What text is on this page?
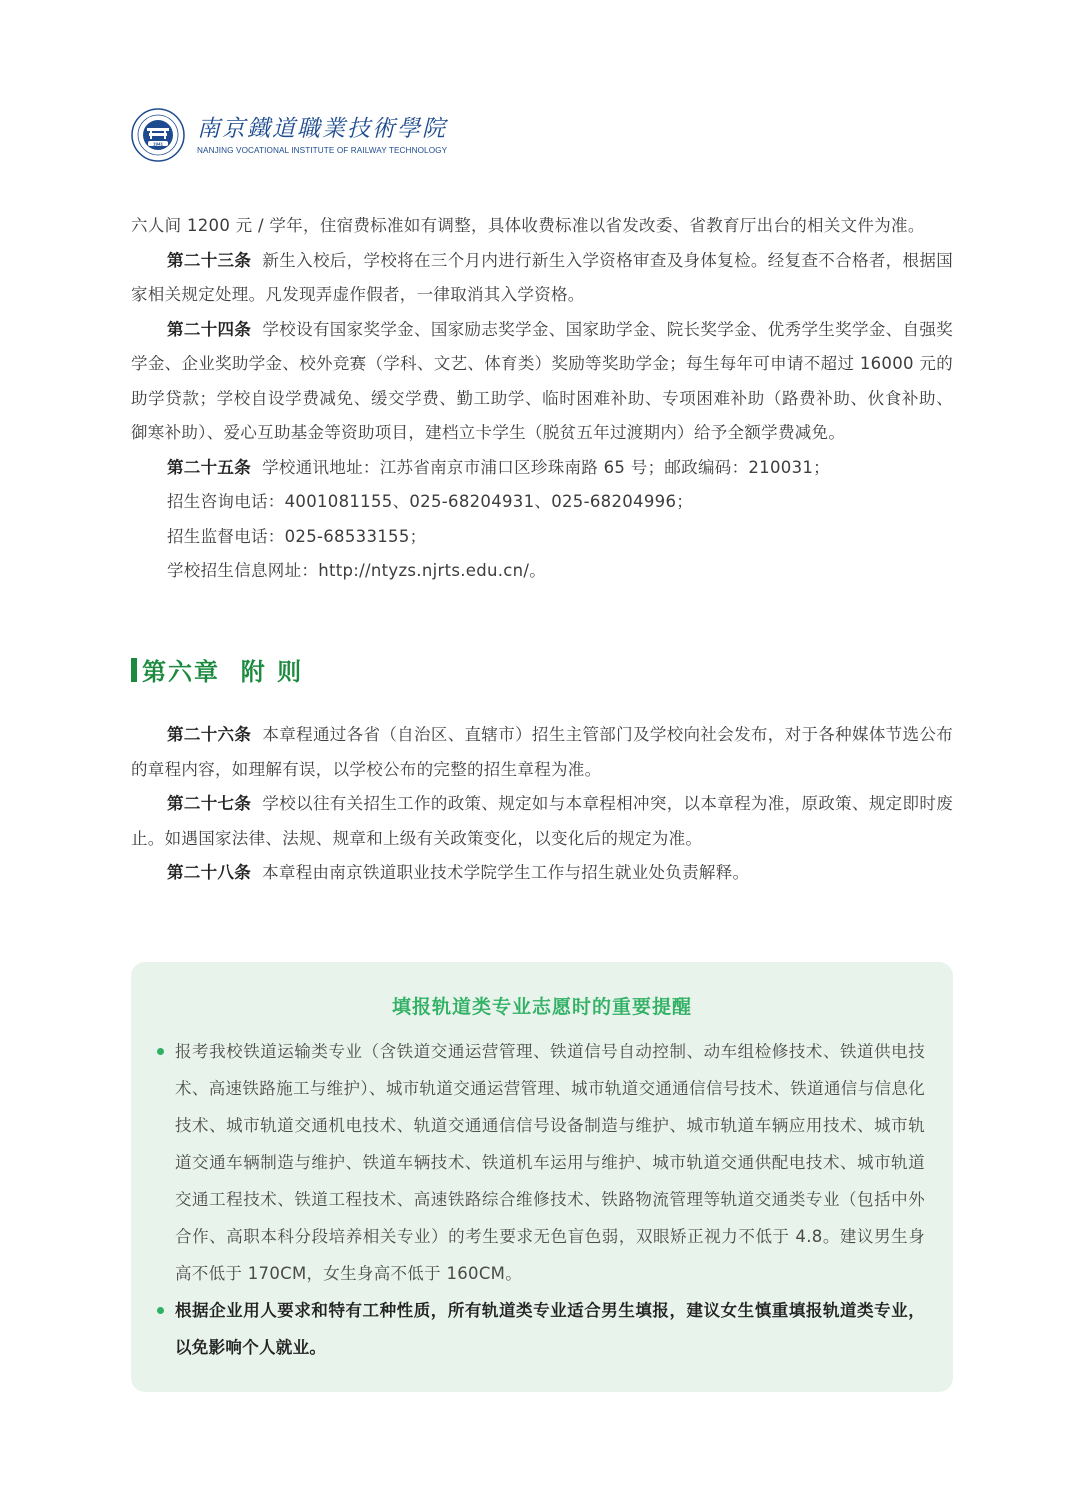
1941
南京鐵道職業技術學院
NANJING VOCATIONAL INSTITUTE OF RAILWAY TECHNOLOGY

六人间 1200 元 / 学年，住宿费标准如有调整，具体收费标准以省发改委、省教育厅出台的相关文件为准。

第二十三条 新生入校后，学校将在三个月内进行新生入学资格审查及身体复检。经复查不合格者，根据国家相关规定处理。凡发现弄虚作假者，一律取消其入学资格。

第二十四条 学校设有国家奖学金、国家励志奖学金、国家助学金、院长奖学金、优秀学生奖学金、自强奖学金、企业奖助学金、校外竞赛（学科、文艺、体育类）奖励等奖助学金；每生每年可申请不超过 16000 元的助学贷款；学校自设学费减免、缓交学费、勤工助学、临时困难补助、专项困难补助（路费补助、伙食补助、御寒补助）、爱心互助基金等资助项目，建档立卡学生（脱贫五年过渡期内）给予全额学费减免。

第二十五条 学校通讯地址：江苏省南京市浦口区珍珠南路 65 号；邮政编码：210031；

招生咨询电话：4001081155、025-68204931、025-68204996；

招生监督电话：025-68533155；

学校招生信息网址：http://ntyzs.njrts.edu.cn/。

第六章  附 则

第二十六条 本章程通过各省（自治区、直辖市）招生主管部门及学校向社会发布，对于各种媒体节选公布的章程内容，如理解有误，以学校公布的完整的招生章程为准。

第二十七条 学校以往有关招生工作的政策、规定如与本章程相冲突，以本章程为准，原政策、规定即时废止。如遇国家法律、法规、规章和上级有关政策变化，以变化后的规定为准。

第二十八条 本章程由南京铁道职业技术学院学生工作与招生就业处负责解释。

填报轨道类专业志愿时的重要提醒
报考我校铁道运输类专业（含铁道交通运营管理、铁道信号自动控制、动车组检修技术、铁道供电技术、高速铁路施工与维护）、城市轨道交通运营管理、城市轨道交通通信信号技术、铁道通信与信息化技术、城市轨道交通机电技术、轨道交通通信信号设备制造与维护、城市轨道车辆应用技术、城市轨道交通车辆制造与维护、铁道车辆技术、铁道机车运用与维护、城市轨道交通供配电技术、城市轨道交通工程技术、铁道工程技术、高速铁路综合维修技术、铁路物流管理等轨道交通类专业（包括中外合作、高职本科分段培养相关专业）的考生要求无色盲色弱，双眼矫正视力不低于 4.8。建议男生身高不低于 170CM，女生身高不低于 160CM。
根据企业用人要求和特有工种性质，所有轨道类专业适合男生填报，建议女生慎重填报轨道类专业，以免影响个人就业。
